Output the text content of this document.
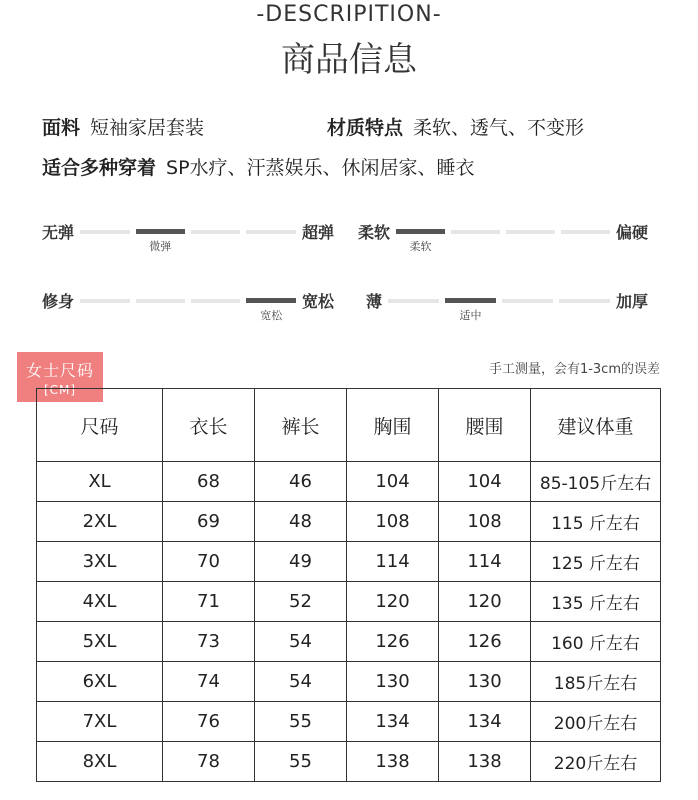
-DESCRIPITION-
商品信息
面料 短袖家居套装	材质特点 柔软、透气、不变形
适合多种穿着 SP水疗、汗蒸娱乐、休闲居家、睡衣
无弹	超弹
微弹
柔软	偏硬
柔软
修身	宽松
宽松
薄	加厚
适中
女士尺码
[CM]
手工测量，会有1-3cm的误差
尺码	衣长	裤长	胸围	腰围	建议体重
XL	68	46	104	104	85-105斤左右
2XL	69	48	108	108	115 斤左右
3XL	70	49	114	114	125 斤左右
4XL	71	52	120	120	135 斤左右
5XL	73	54	126	126	160 斤左右
6XL	74	54	130	130	185斤左右
7XL	76	55	134	134	200斤左右
8XL	78	55	138	138	220斤左右
